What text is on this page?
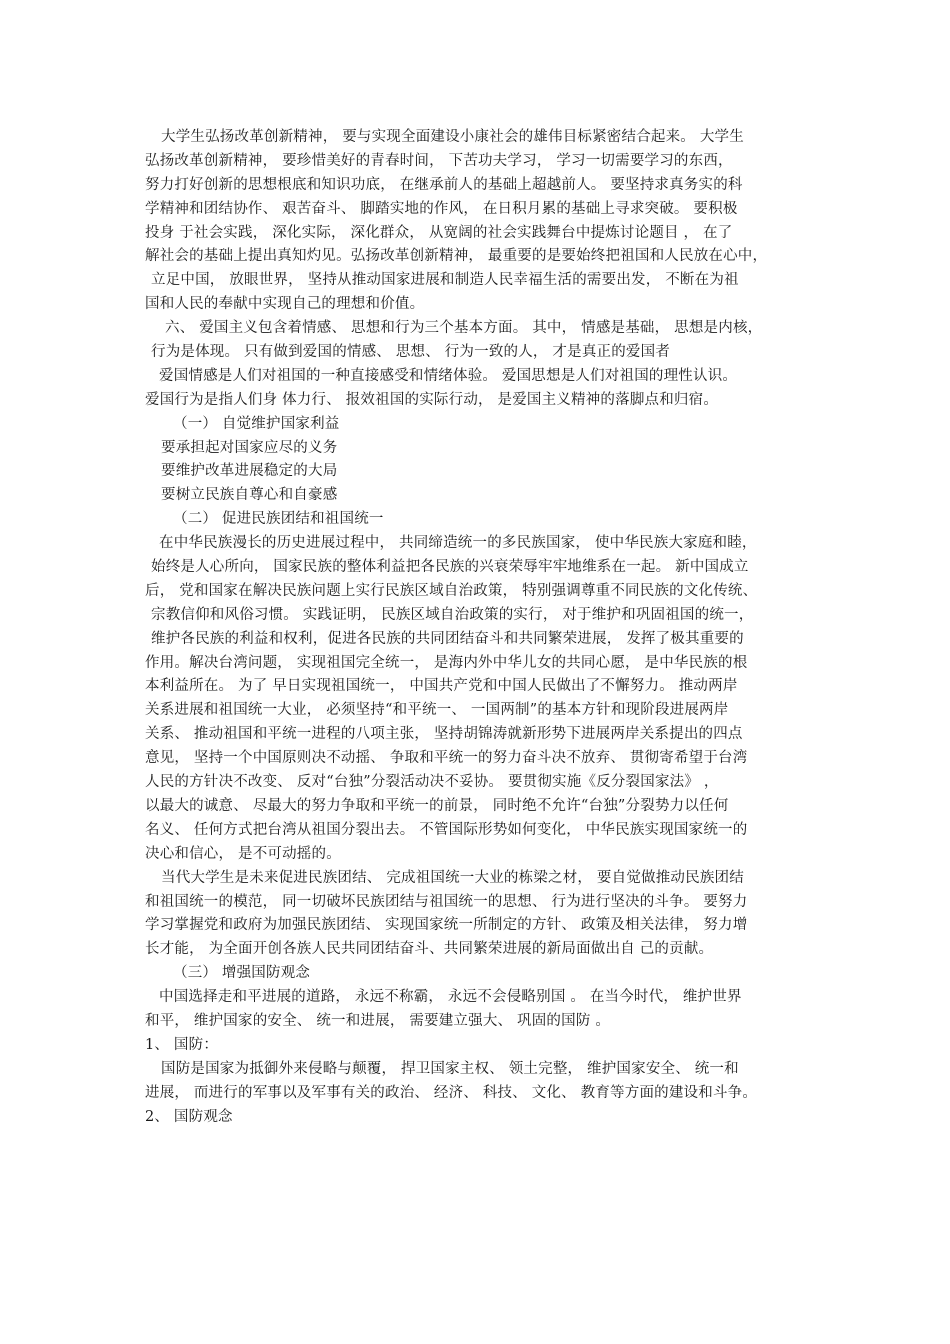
大学生弘扬改革创新精神， 要与实现全面建设小康社会的雄伟目标紧密结合起来。 大学生
弘扬改革创新精神， 要珍惜美好的青春时间， 下苦功夫学习， 学习一切需要学习的东西，
努力打好创新的思想根底和知识功底， 在继承前人的基础上超越前人。 要坚持求真务实的科
学精神和团结协作、 艰苦奋斗、 脚踏实地的作风， 在日积月累的基础上寻求突破。 要积极
投身 于社会实践， 深化实际， 深化群众， 从宽阔的社会实践舞台中提炼讨论题目 ， 在了
解社会的基础上提出真知灼见。弘扬改革创新精神， 最重要的是要始终把祖国和人民放在心中，
立足中国， 放眼世界， 坚持从推动国家进展和制造人民幸福生活的需要出发， 不断在为祖
国和人民的奉献中实现自己的理想和价值。
六、 爱国主义包含着情感、 思想和行为三个基本方面。 其中， 情感是基础， 思想是内核，
行为是体现。 只有做到爱国的情感、 思想、 行为一致的人， 才是真正的爱国者
爱国情感是人们对祖国的一种直接感受和情绪体验。 爱国思想是人们对祖国的理性认识。
爱国行为是指人们身 体力行、 报效祖国的实际行动， 是爱国主义精神的落脚点和归宿。
（一） 自觉维护国家利益
要承担起对国家应尽的义务
要维护改革进展稳定的大局
要树立民族自尊心和自豪感
（二） 促进民族团结和祖国统一
在中华民族漫长的历史进展过程中， 共同缔造统一的多民族国家， 使中华民族大家庭和睦，
始终是人心所向， 国家民族的整体利益把各民族的兴衰荣辱牢牢地维系在一起。 新中国成立
后， 党和国家在解决民族问题上实行民族区域自治政策， 特别强调尊重不同民族的文化传统、
宗教信仰和风俗习惯。 实践证明， 民族区域自治政策的实行， 对于维护和巩固祖国的统一，
维护各民族的利益和权利，促进各民族的共同团结奋斗和共同繁荣进展， 发挥了极其重要的
作用。解决台湾问题， 实现祖国完全统一， 是海内外中华儿女的共同心愿， 是中华民族的根
本利益所在。 为了 早日实现祖国统一， 中国共产党和中国人民做出了不懈努力。 推动两岸
关系进展和祖国统一大业， 必须坚持“和平统一、 一国两制”的基本方针和现阶段进展两岸
关系、 推动祖国和平统一进程的八项主张， 坚持胡锦涛就新形势下进展两岸关系提出的四点
意见， 坚持一个中国原则决不动摇、 争取和平统一的努力奋斗决不放弃、 贯彻寄希望于台湾
人民的方针决不改变、 反对“台独”分裂活动决不妥协。 要贯彻实施《反分裂国家法》 ，
以最大的诚意、 尽最大的努力争取和平统一的前景， 同时绝不允许“台独”分裂势力以任何
名义、 任何方式把台湾从祖国分裂出去。 不管国际形势如何变化， 中华民族实现国家统一的
决心和信心， 是不可动摇的。
当代大学生是未来促进民族团结、 完成祖国统一大业的栋梁之材， 要自觉做推动民族团结
和祖国统一的模范， 同一切破坏民族团结与祖国统一的思想、 行为进行坚决的斗争。 要努力
学习掌握党和政府为加强民族团结、 实现国家统一所制定的方针、 政策及相关法律， 努力增
长才能， 为全面开创各族人民共同团结奋斗、共同繁荣进展的新局面做出自 己的贡献。
（三） 增强国防观念
中国选择走和平进展的道路， 永远不称霸， 永远不会侵略别国 。 在当今时代， 维护世界
和平， 维护国家的安全、 统一和进展， 需要建立强大、 巩固的国防 。
1、 国防：
国防是国家为抵御外来侵略与颠覆， 捍卫国家主权、 领土完整， 维护国家安全、 统一和
进展， 而进行的军事以及军事有关的政治、 经济、 科技、 文化、 教育等方面的建设和斗争。
2、 国防观念
